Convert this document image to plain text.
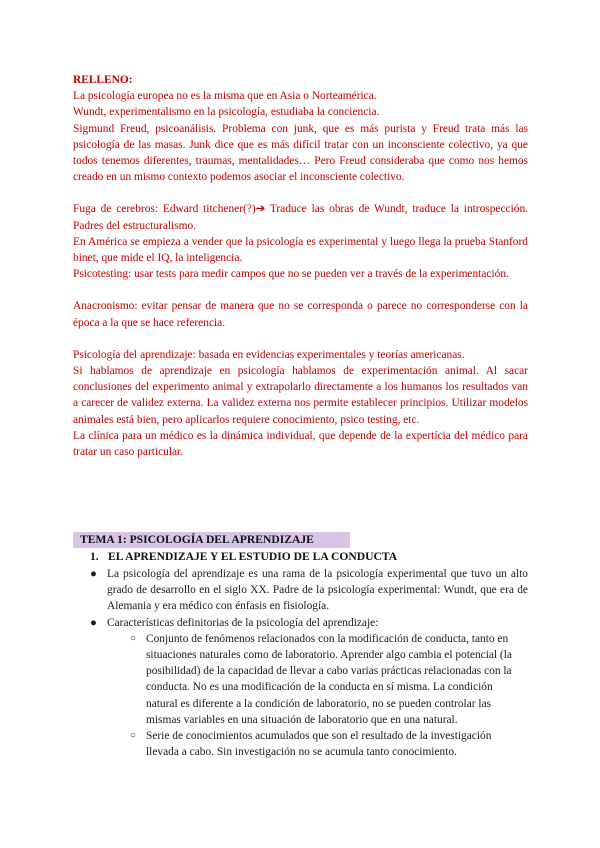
RELLENO:

La psicología europea no es la misma que en Asia o Norteamérica.

Wundt, experimentalismo en la psicología, estudiaba la conciencia.

Sigmund Freud, psicoanálisis. Problema con junk, que es más purista y Freud trata más las psicología de las masas. Junk dice que es más difícil tratar con un inconsciente colectivo, ya que todos tenemos diferentes, traumas, mentalidades… Pero Freud consideraba que como nos hemos creado en un mismo contexto podemos asociar el inconsciente colectivo.

Fuga de cerebros: Edward titchener(?)➔ Traduce las obras de Wundt, traduce la introspección. Padres del estructuralismo.

En América se empieza a vender que la psicología es experimental y luego llega la prueba Stanford binet, que mide el IQ, la inteligencia.

Psicotesting: usar tests para medir campos que no se pueden ver a través de la experimentación.

Anacronismo: evitar pensar de manera que no se corresponda o parece no corresponderse con la época a la que se hace referencia.

Psicología del aprendizaje: basada en evidencias experimentales y teorías americanas.

Si hablamos de aprendizaje en psicología hablamos de experimentación animal. Al sacar conclusiones del experimento animal y extrapolarlo directamente a los humanos los resultados van a carecer de validez externa. La validez externa nos permite establecer principios. Utilizar modelos animales está bien, pero aplicarlos requiere conocimiento, psico testing, etc.

La clínica para un médico es la dinámica individual, que depende de la expertícia del médico para tratar un caso particular.

TEMA 1: PSICOLOGÍA DEL APRENDIZAJE
1. EL APRENDIZAJE Y EL ESTUDIO DE LA CONDUCTA

● La psicología del aprendizaje es una rama de la psicología experimental que tuvo un alto grado de desarrollo en el siglo XX. Padre de la psicología experimental: Wundt, que era de Alemania y era médico con énfasis en fisiología.

● Características definitorias de la psicología del aprendizaje:

○ Conjunto de fenómenos relacionados con la modificación de conducta, tanto en situaciones naturales como de laboratorio. Aprender algo cambia el potencial (la posibilidad) de la capacidad de llevar a cabo varias prácticas relacionadas con la conducta. No es una modificación de la conducta en sí misma. La condición natural es diferente a la condición de laboratorio, no se pueden controlar las mismas variables en una situación de laboratorio que en una natural.
○ Serie de conocimientos acumulados que son el resultado de la investigación llevada a cabo. Sin investigación no se acumula tanto conocimiento.
